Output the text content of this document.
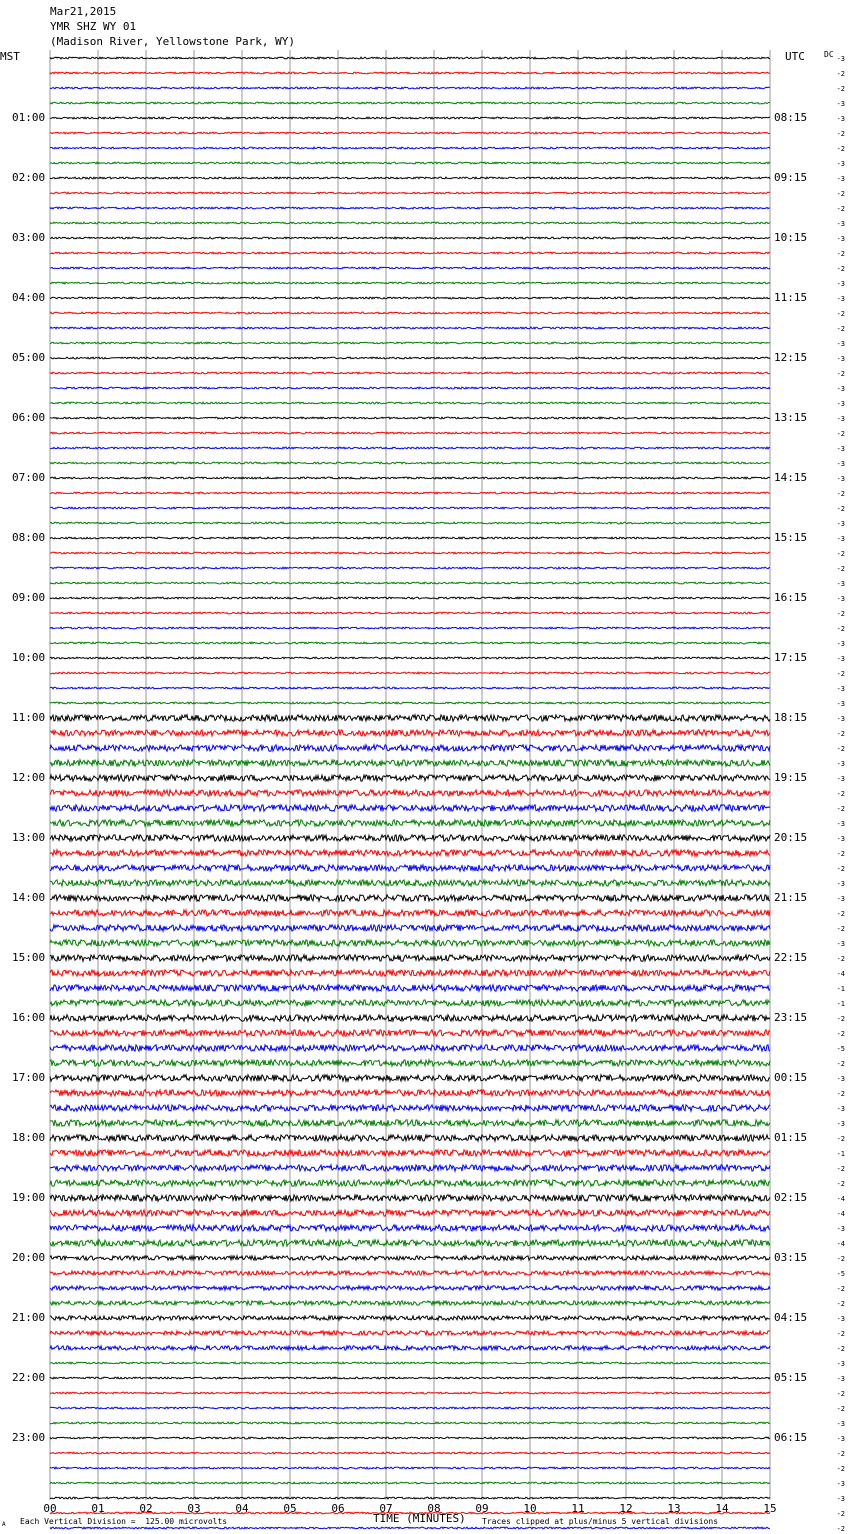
Mar21,2015
YMR SHZ WY 01
(Madison River, Yellowstone Park, WY)
00	01	02	03	04	05	06	07	08	09	10	11	12	13	14	15
-3
-2
-2
-3
-3
-2
-2
-3
-3
-2
-2
-3
-3
-2
-2
-3
-3
-2
-2
-3
-3
-2
-3
-3
-3
-2
-3
-3
-3
-2
-2
-3
-3
-2
-2
-3
-3
-2
-2
-3
-3
-2
-3
-3
-3
-2
-2
-3
-3
-2
-2
-3
-3
-2
-2
-3
-3
-2
-2
-3
-2
-4
-1
-1
-2
-2
-5
-2
-3
-2
-3
-3
-2
-1
-2
-2
-4
-4
-3
-4
-2
-5
-2
-2
-3
-2
-2
-3
-3
-2
-2
-3
-3
-2
-2
-3
-3
-2
-2
MST	UTC DC
01:00
02:00
03:00
04:00
05:00
06:00
07:00
08:00
09:00
10:00
11:00
12:00
13:00
14:00
15:00
16:00
17:00
18:00
19:00
20:00
21:00
22:00
23:00
08:15
09:15
10:15
11:15
12:15
13:15
14:15
15:15
16:15
17:15
18:15
19:15
20:15
21:15
22:15
23:15
00:15
01:15
02:15
03:15
04:15
05:15
06:15
TIME (MINUTES)
Each Vertical Division =  125.00 microvolts	Traces clipped at plus/minus 5 vertical divisions
A
